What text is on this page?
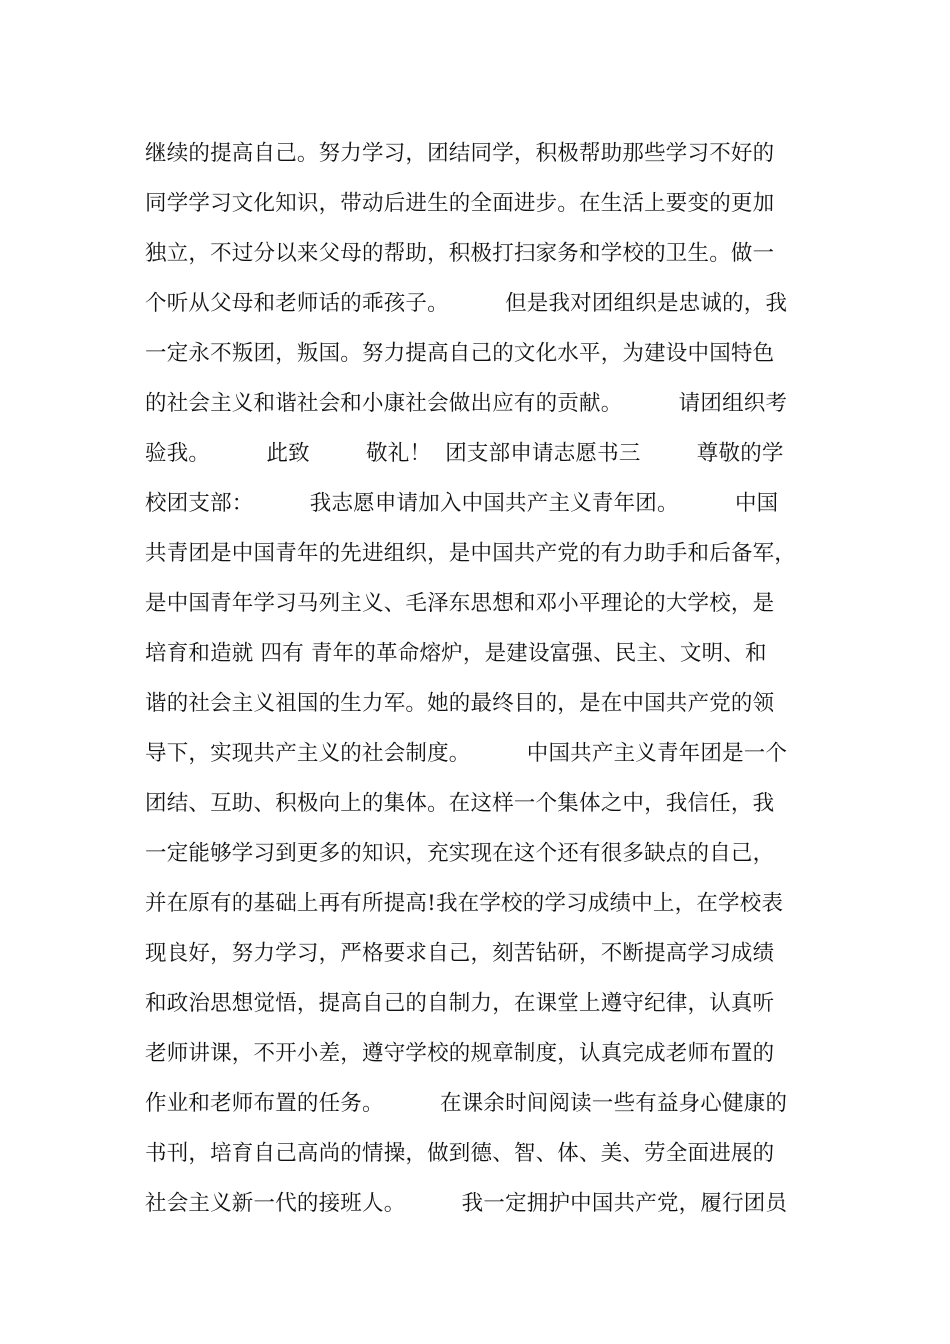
继续的提高自己。努力学习，团结同学，积极帮助那些学习不好的
同学学习文化知识，带动后进生的全面进步。在生活上要变的更加
独立，不过分以来父母的帮助，积极打扫家务和学校的卫生。做一
个听从父母和老师话的乖孩子。        但是我对团组织是忠诚的，我
一定永不叛团，叛国。努力提高自己的文化水平，为建设中国特色
的社会主义和谐社会和小康社会做出应有的贡献。        请团组织考
验我。        此致        敬礼！  团支部申请志愿书三        尊敬的学
校团支部：        我志愿申请加入中国共产主义青年团。        中国
共青团是中国青年的先进组织，是中国共产党的有力助手和后备军，
是中国青年学习马列主义、毛泽东思想和邓小平理论的大学校，是
培育和造就 四有 青年的革命熔炉，是建设富强、民主、文明、和
谐的社会主义祖国的生力军。她的最终目的，是在中国共产党的领
导下，实现共产主义的社会制度。        中国共产主义青年团是一个
团结、互助、积极向上的集体。在这样一个集体之中，我信任，我
一定能够学习到更多的知识，充实现在这个还有很多缺点的自己，
并在原有的基础上再有所提高!我在学校的学习成绩中上，在学校表
现良好，努力学习，严格要求自己，刻苦钻研，不断提高学习成绩
和政治思想觉悟，提高自己的自制力，在课堂上遵守纪律，认真听
老师讲课，不开小差，遵守学校的规章制度，认真完成老师布置的
作业和老师布置的任务。        在课余时间阅读一些有益身心健康的
书刊，培育自己高尚的情操，做到德、智、体、美、劳全面进展的
社会主义新一代的接班人。        我一定拥护中国共产党，履行团员
